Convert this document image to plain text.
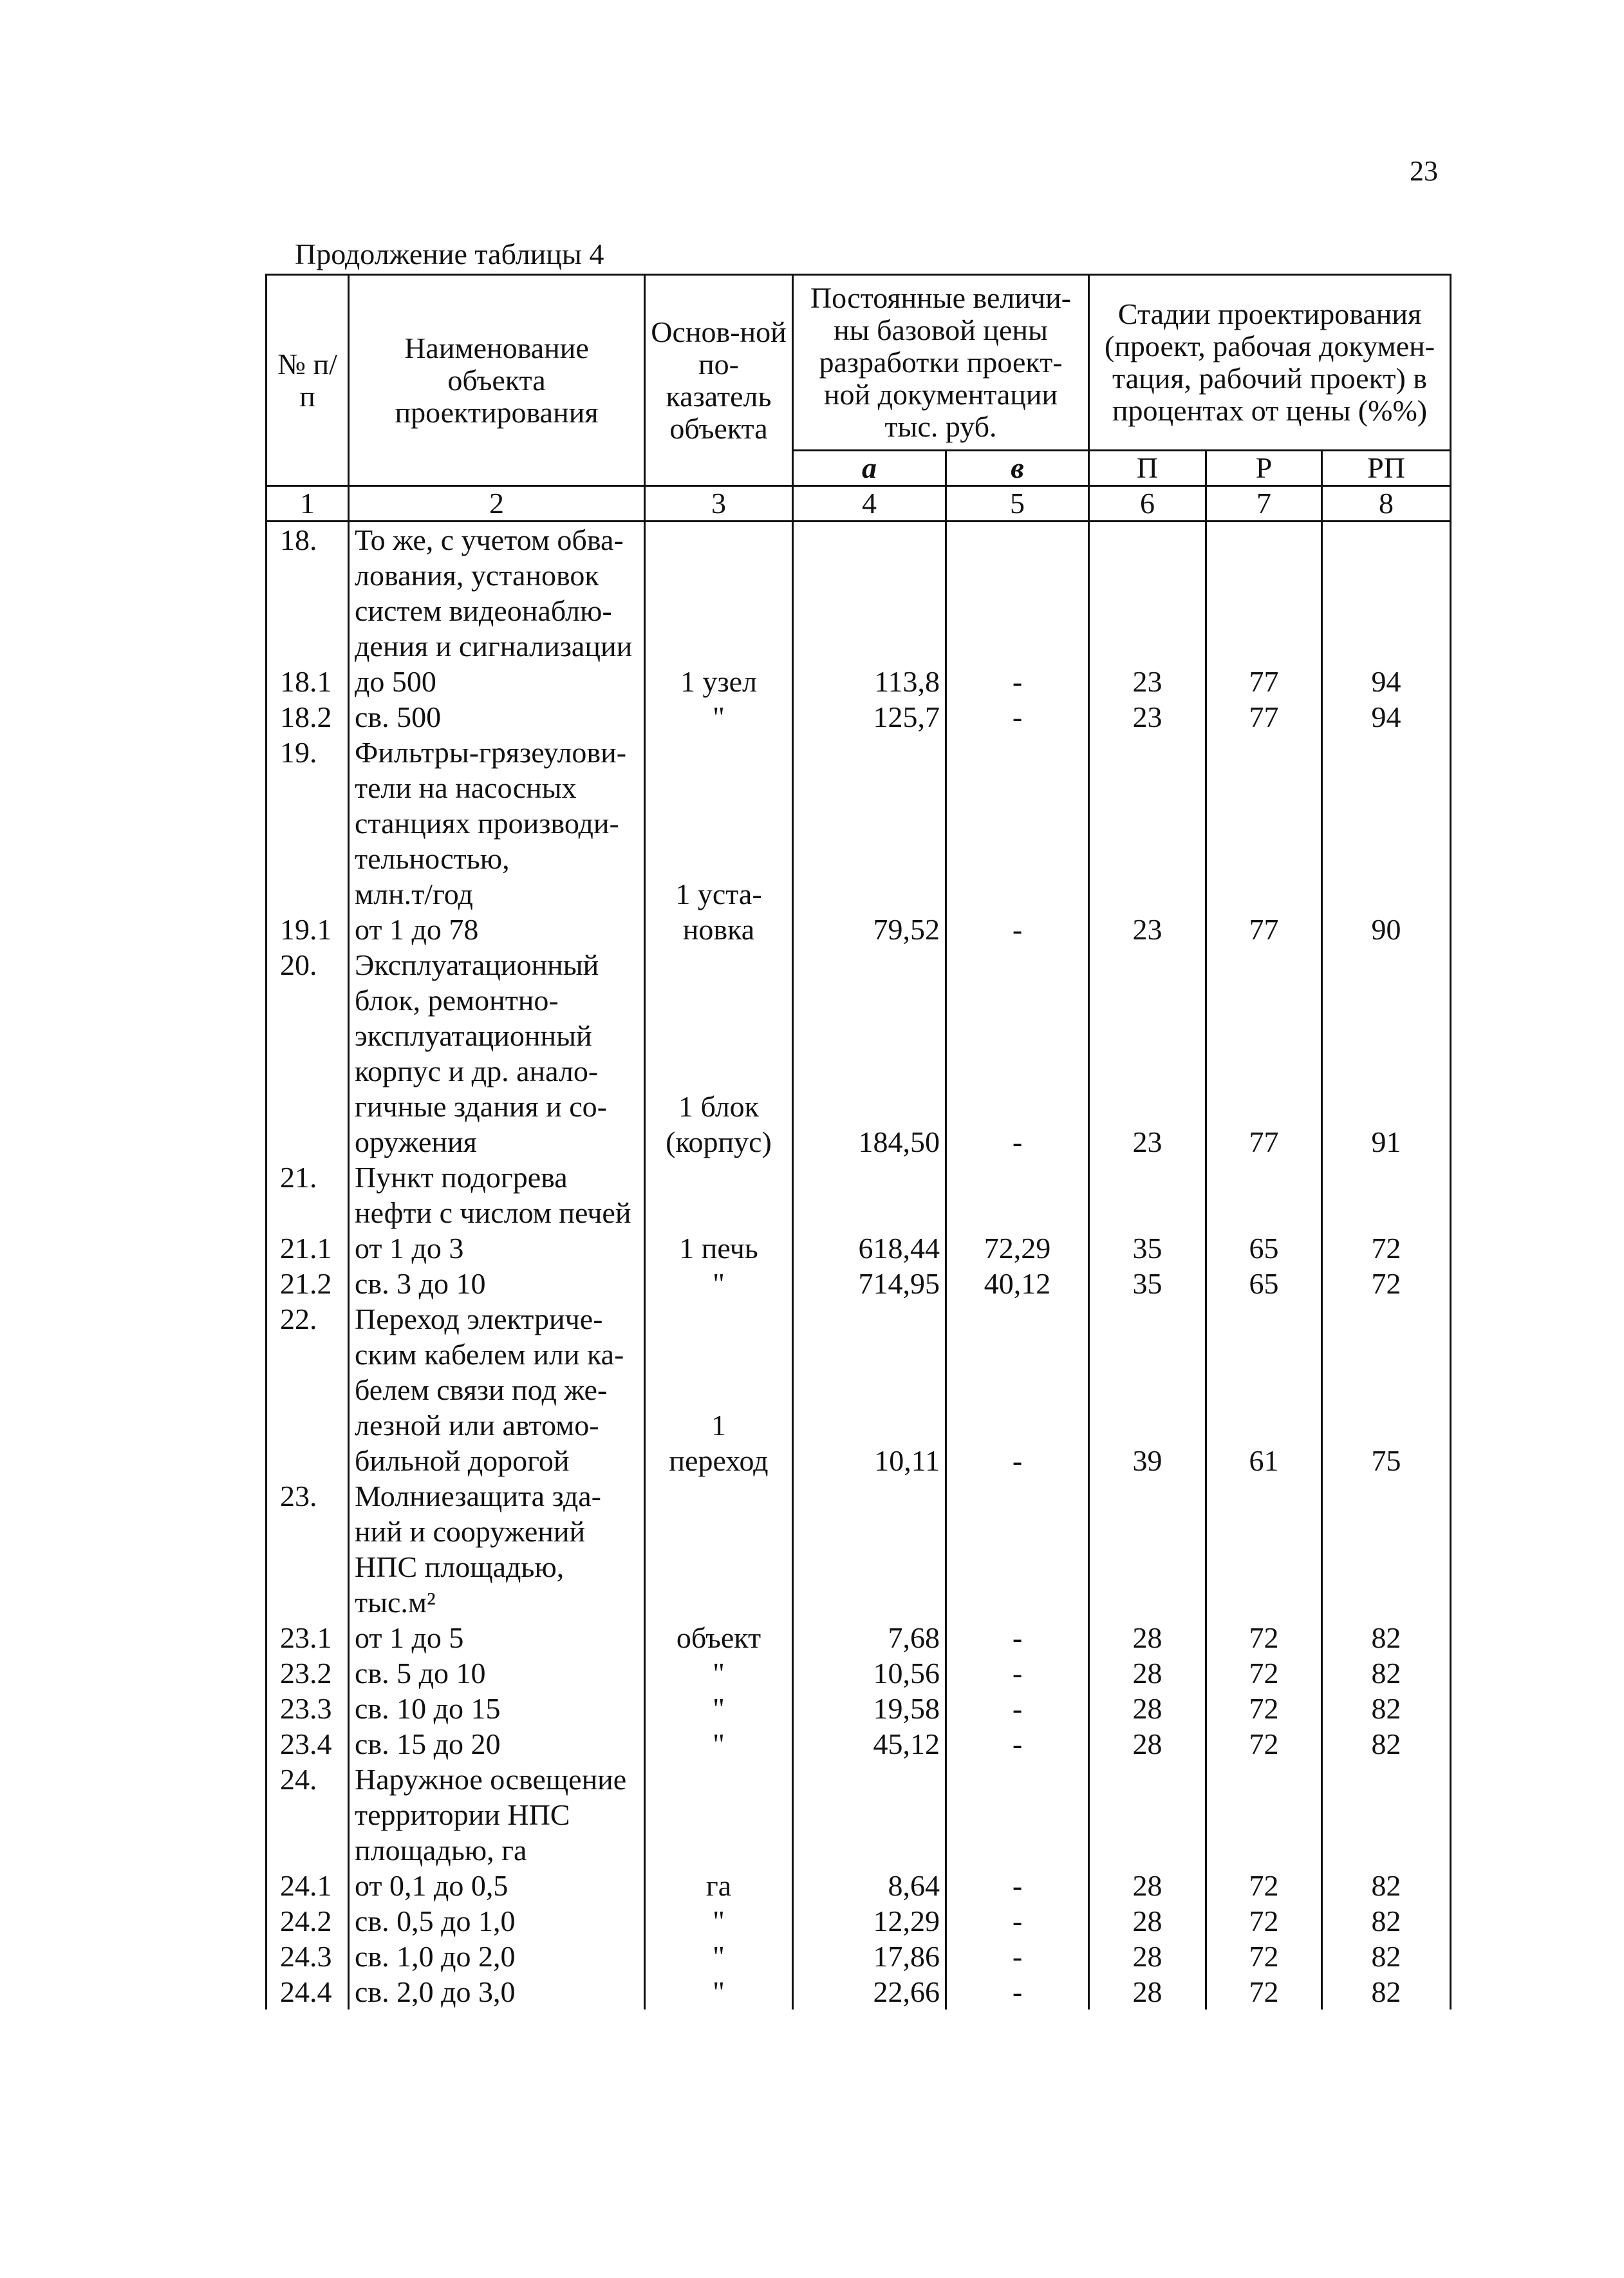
23
Продолжение таблицы 4
№ п/п	Наименование объекта проектирования	Основ-ной по-казатель объекта	Постоянные величи-ны базовой цены разработки проект-ной документации тыс. руб.		Стадии проектирования (проект, рабочая докумен-тация, рабочий проект) в процентах от цены (%%)		
			а	в	П	Р	РП
1	2	3	4	5	6	7	8
18.	То же, с учетом обва-						
	лования, установок						
	систем видеонаблю-						
	дения и сигнализации						
18.1	до 500	1 узел	113,8	-	23	77	94
18.2	св. 500	"	125,7	-	23	77	94
19.	Фильтры-грязеулови-						
	тели на насосных						
	станциях производи-						
	тельностью,						
	млн.т/год	1 уста-					
19.1	от 1 до 78	новка	79,52	-	23	77	90
20.	Эксплуатационный						
	блок, ремонтно-						
	эксплуатационный						
	корпус и др. анало-						
	гичные здания и со-	1 блок					
	оружения	(корпус)	184,50	-	23	77	91
21.	Пункт подогрева						
	нефти с числом печей						
21.1	от 1 до 3	1 печь	618,44	72,29	35	65	72
21.2	св. 3 до 10	"	714,95	40,12	35	65	72
22.	Переход электриче-						
	ским кабелем или ка-						
	белем связи под же-						
	лезной или автомо-	1					
	бильной дорогой	переход	10,11	-	39	61	75
23.	Молниезащита зда-						
	ний и сооружений						
	НПС площадью,						
	тыс.м²						
23.1	от 1 до 5	объект	7,68	-	28	72	82
23.2	св. 5 до 10	"	10,56	-	28	72	82
23.3	св. 10 до 15	"	19,58	-	28	72	82
23.4	св. 15 до 20	"	45,12	-	28	72	82
24.	Наружное освещение						
	территории НПС						
	площадью, га						
24.1	от 0,1 до 0,5	га	8,64	-	28	72	82
24.2	св. 0,5 до 1,0	"	12,29	-	28	72	82
24.3	св. 1,0 до 2,0	"	17,86	-	28	72	82
24.4	св. 2,0 до 3,0	"	22,66	-	28	72	82
